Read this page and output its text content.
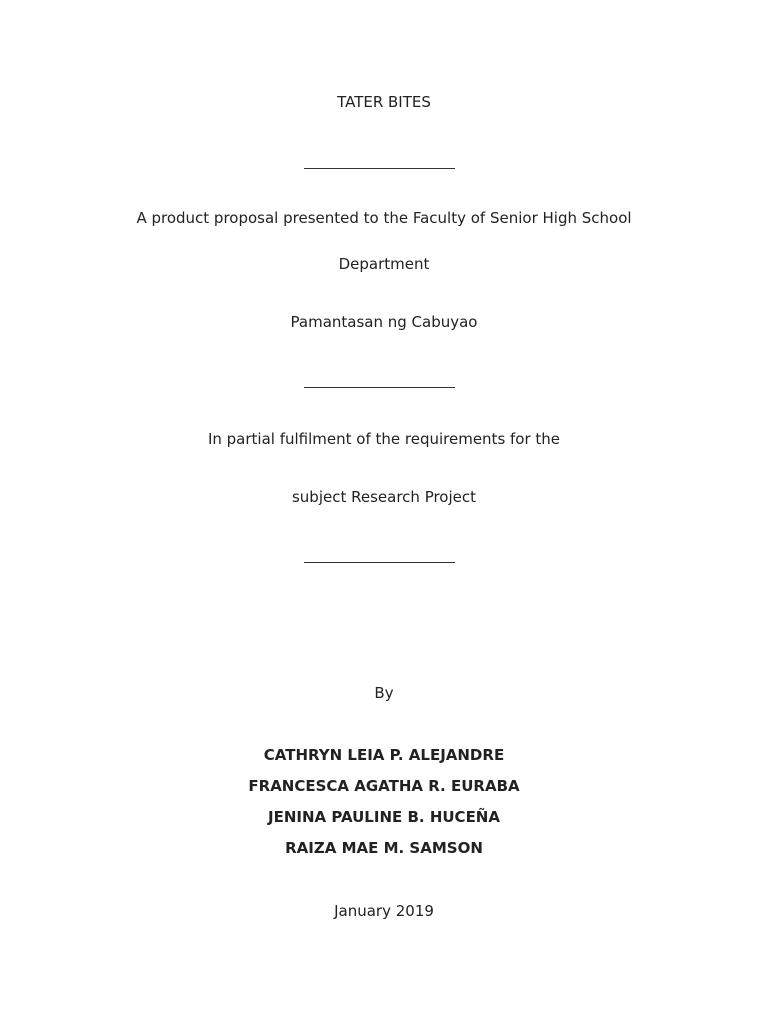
TATER BITES
A product proposal presented to the Faculty of Senior High School
Department
Pamantasan ng Cabuyao
In partial fulfilment of the requirements for the
subject Research Project
By
CATHRYN LEIA P. ALEJANDRE
FRANCESCA AGATHA R. EURABA
JENINA PAULINE B. HUCEÑA
RAIZA MAE M. SAMSON
January 2019
